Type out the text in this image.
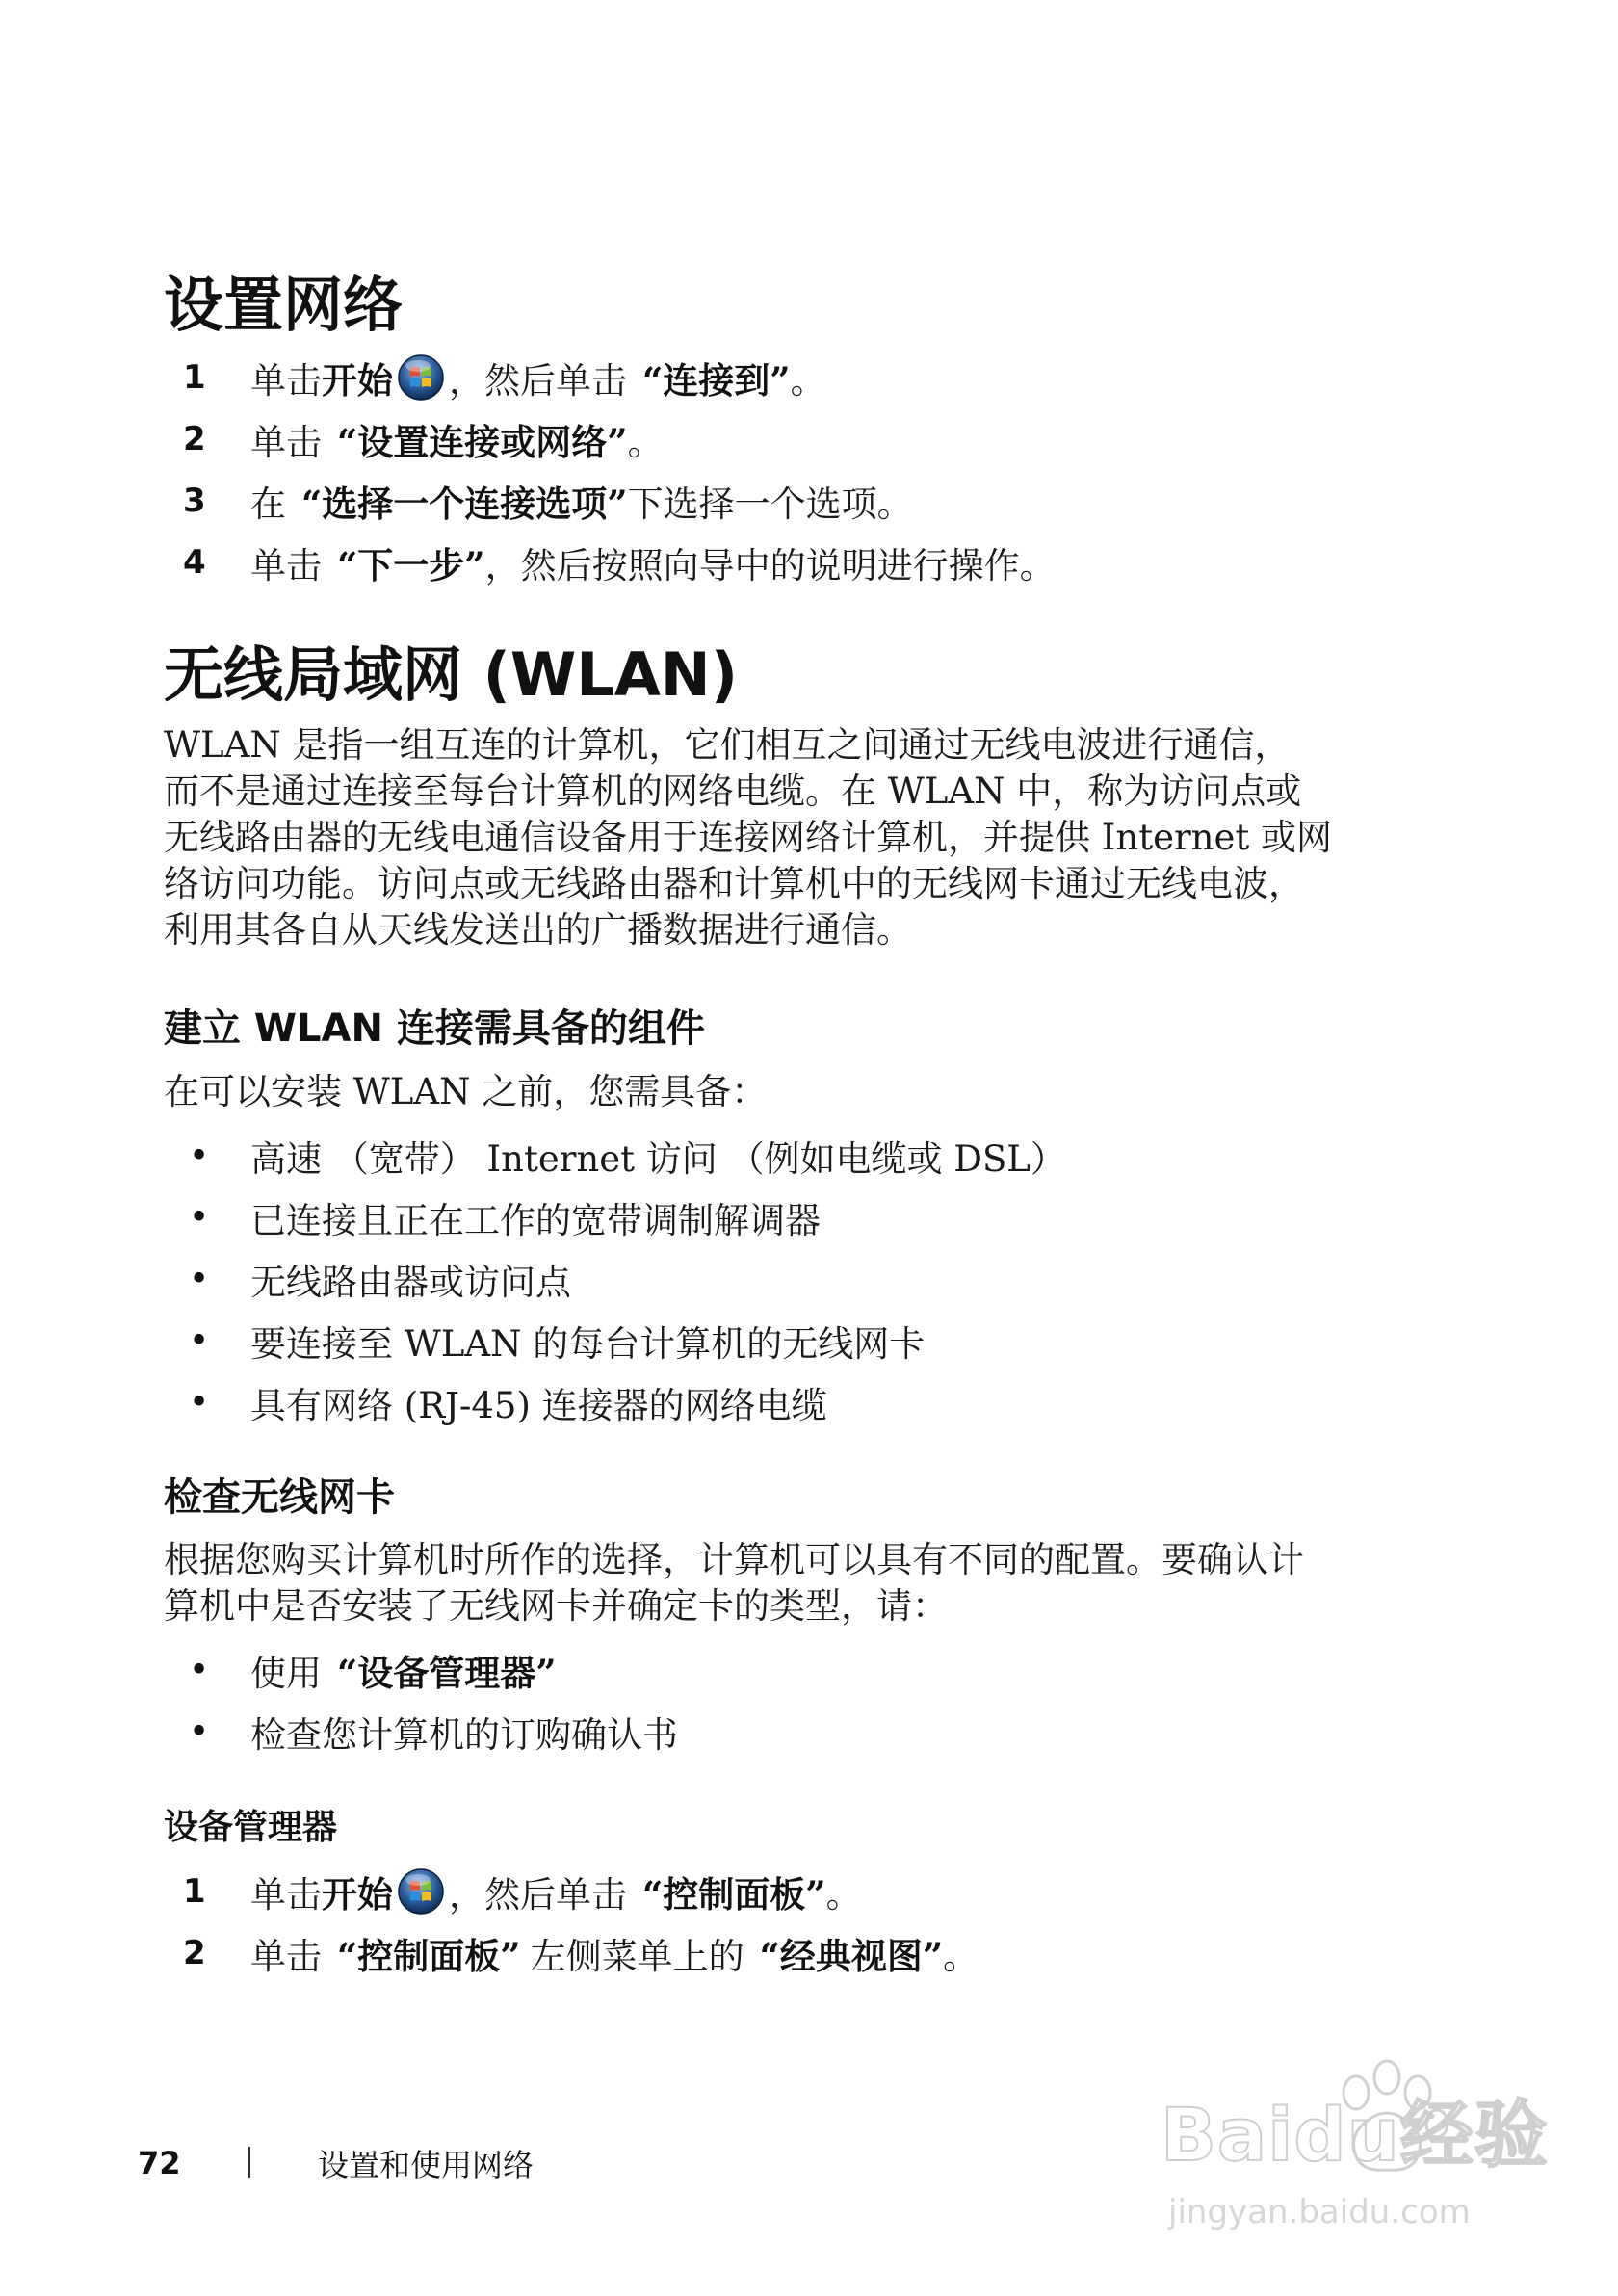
设置网络
1	单击 开始 ，然后单击 “连接到” 。
2	单击 “设置连接或网络” 。
3	在 “选择一个连接选项” 下选择一个选项。
4	单击 “下一步” ，然后按照向导中的说明进行操作。
无线局域网 (WLAN)

WLAN 是指一组互连的计算机，它们相互之间通过无线电波进行通信，
而不是通过连接至每台计算机的网络电缆。在 WLAN 中，称为访问点或
无线路由器的无线电通信设备用于连接网络计算机，并提供 Internet 或网
络访问功能。访问点或无线路由器和计算机中的无线网卡通过无线电波，
利用其各自从天线发送出的广播数据进行通信。

建立 WLAN 连接需具备的组件

在可以安装 WLAN 之前，您需具备：

•	高速 （宽带） Internet 访问 （例如电缆或 DSL）
•	已连接且正在工作的宽带调制解调器
•	无线路由器或访问点
•	要连接至 WLAN 的每台计算机的无线网卡
•	具有网络 (RJ-45) 连接器的网络电缆
检查无线网卡

根据您购买计算机时所作的选择，计算机可以具有不同的配置。要确认计
算机中是否安装了无线网卡并确定卡的类型，请：

•	使用 “设备管理器”
•	检查您计算机的订购确认书
设备管理器
1	单击 开始 ，然后单击 “控制面板” 。
2	单击 “控制面板” 左侧菜单上的 “经典视图” 。
72	设置和使用网络	Baidu经验
jingyan.baidu.com
